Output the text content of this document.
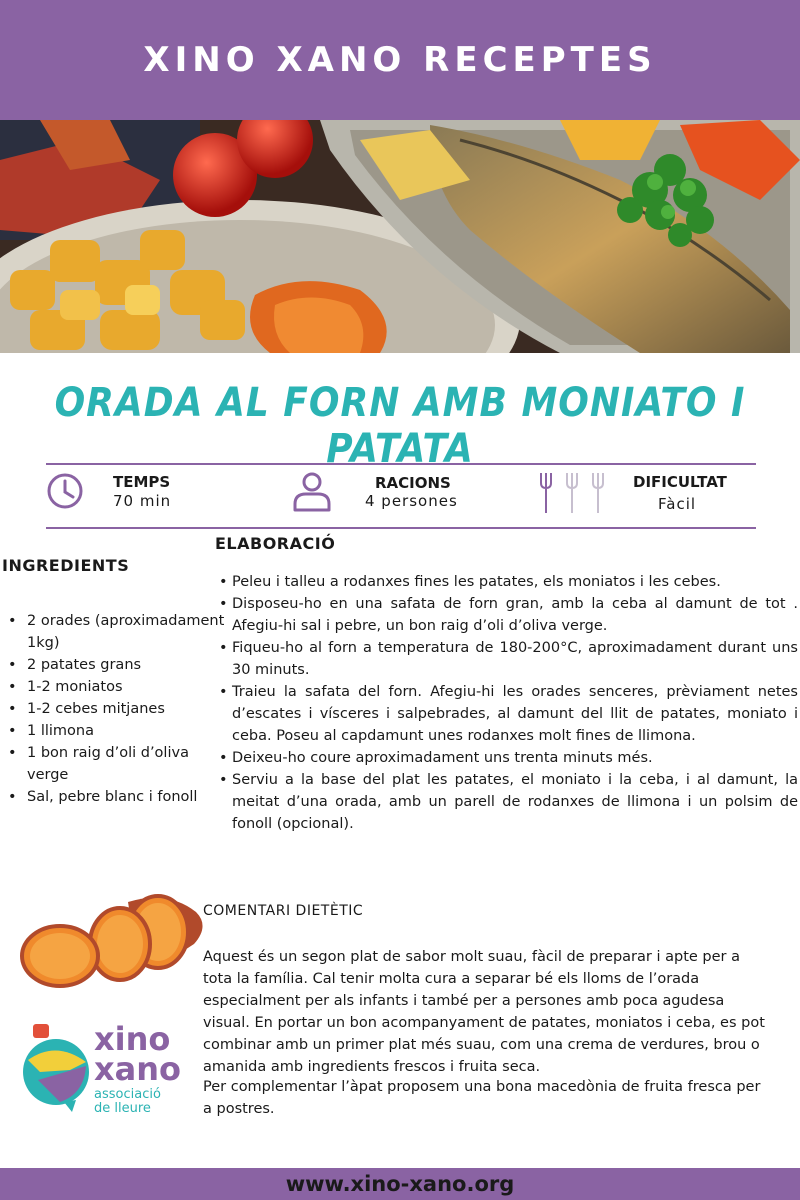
XINO XANO RECEPTES
ORADA AL FORN AMB MONIATO I PATATA
TEMPS
70 min
RACIONS
4 persones
DIFICULTAT
Fàcil
INGREDIENTS
• 2 orades (aproximadament 1kg)
• 2 patates grans
• 1-2 moniatos
• 1-2 cebes mitjanes
• 1 llimona
• 1 bon raig d’oli d’oliva verge
• Sal, pebre blanc i fonoll
ELABORACIÓ
• Peleu i talleu a rodanxes fines les patates, els moniatos i les cebes.
• Disposeu-ho en una safata de forn gran, amb la ceba al damunt de tot . Afegiu-hi sal i pebre, un bon raig d’oli d’oliva verge.
• Fiqueu-ho al forn a temperatura de 180-200°C, aproximadament durant uns 30 minuts.
• Traieu la safata del forn. Afegiu-hi les orades senceres, prèviament netes d’escates i vísceres i salpebrades, al damunt del llit de patates, moniato i ceba. Poseu al capdamunt unes rodanxes molt fines de llimona.
• Deixeu-ho coure aproximadament uns trenta minuts més.
• Serviu a la base del plat les patates, el moniato i la ceba, i al damunt, la meitat d’una orada, amb un parell de rodanxes de llimona i un polsim de fonoll (opcional).
xino
xano
associació
de lleure
COMENTARI DIETÈTIC

Aquest és un segon plat de sabor molt suau, fàcil de preparar i apte per a tota la família. Cal tenir molta cura a separar bé els lloms de l’orada especialment per als infants i també per a persones amb poca agudesa visual. En portar un bon acompanyament de patates, moniatos i ceba, es pot combinar amb un primer plat més suau, com una crema de verdures, brou o amanida amb ingredients frescos i fruita seca.

Per complementar l’àpat proposem una bona macedònia de fruita fresca per a postres.

www.xino-xano.org
